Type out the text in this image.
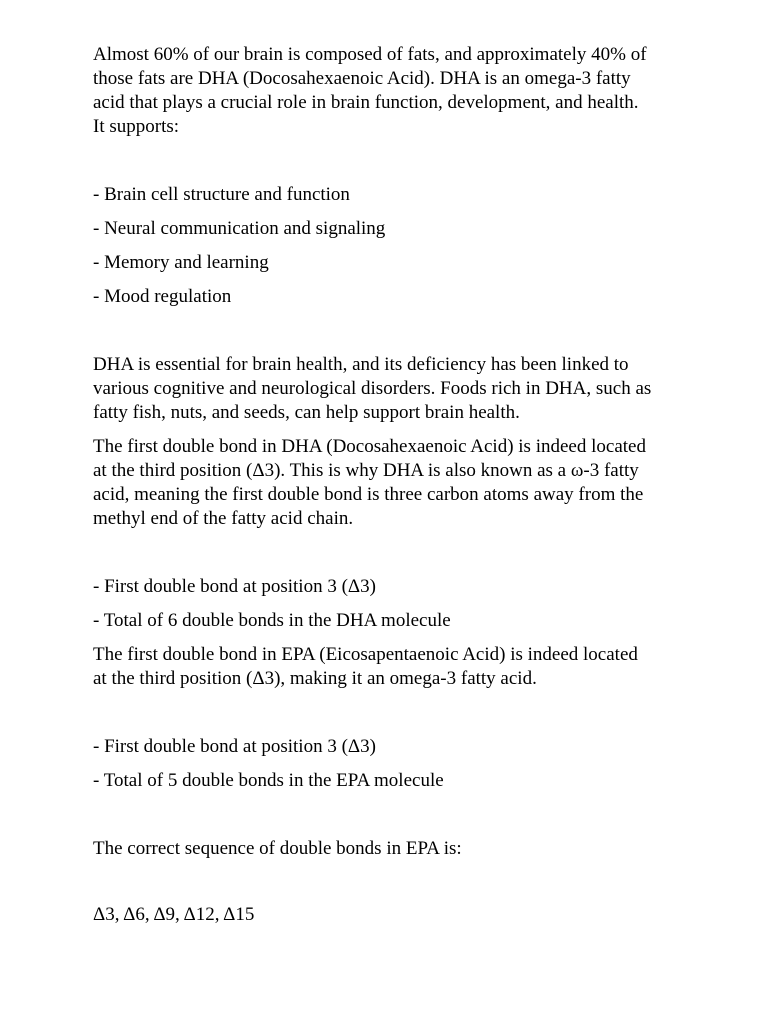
Almost 60% of our brain is composed of fats, and approximately 40% of
those fats are DHA (Docosahexaenoic Acid). DHA is an omega-3 fatty
acid that plays a crucial role in brain function, development, and health.
It supports:

- Brain cell structure and function

- Neural communication and signaling

- Memory and learning

- Mood regulation

DHA is essential for brain health, and its deficiency has been linked to
various cognitive and neurological disorders. Foods rich in DHA, such as
fatty fish, nuts, and seeds, can help support brain health.

The first double bond in DHA (Docosahexaenoic Acid) is indeed located
at the third position (Δ3). This is why DHA is also known as a ω-3 fatty
acid, meaning the first double bond is three carbon atoms away from the
methyl end of the fatty acid chain.

- First double bond at position 3 (Δ3)

- Total of 6 double bonds in the DHA molecule

The first double bond in EPA (Eicosapentaenoic Acid) is indeed located
at the third position (Δ3), making it an omega-3 fatty acid.

- First double bond at position 3 (Δ3)

- Total of 5 double bonds in the EPA molecule

The correct sequence of double bonds in EPA is:

Δ3, Δ6, Δ9, Δ12, Δ15
